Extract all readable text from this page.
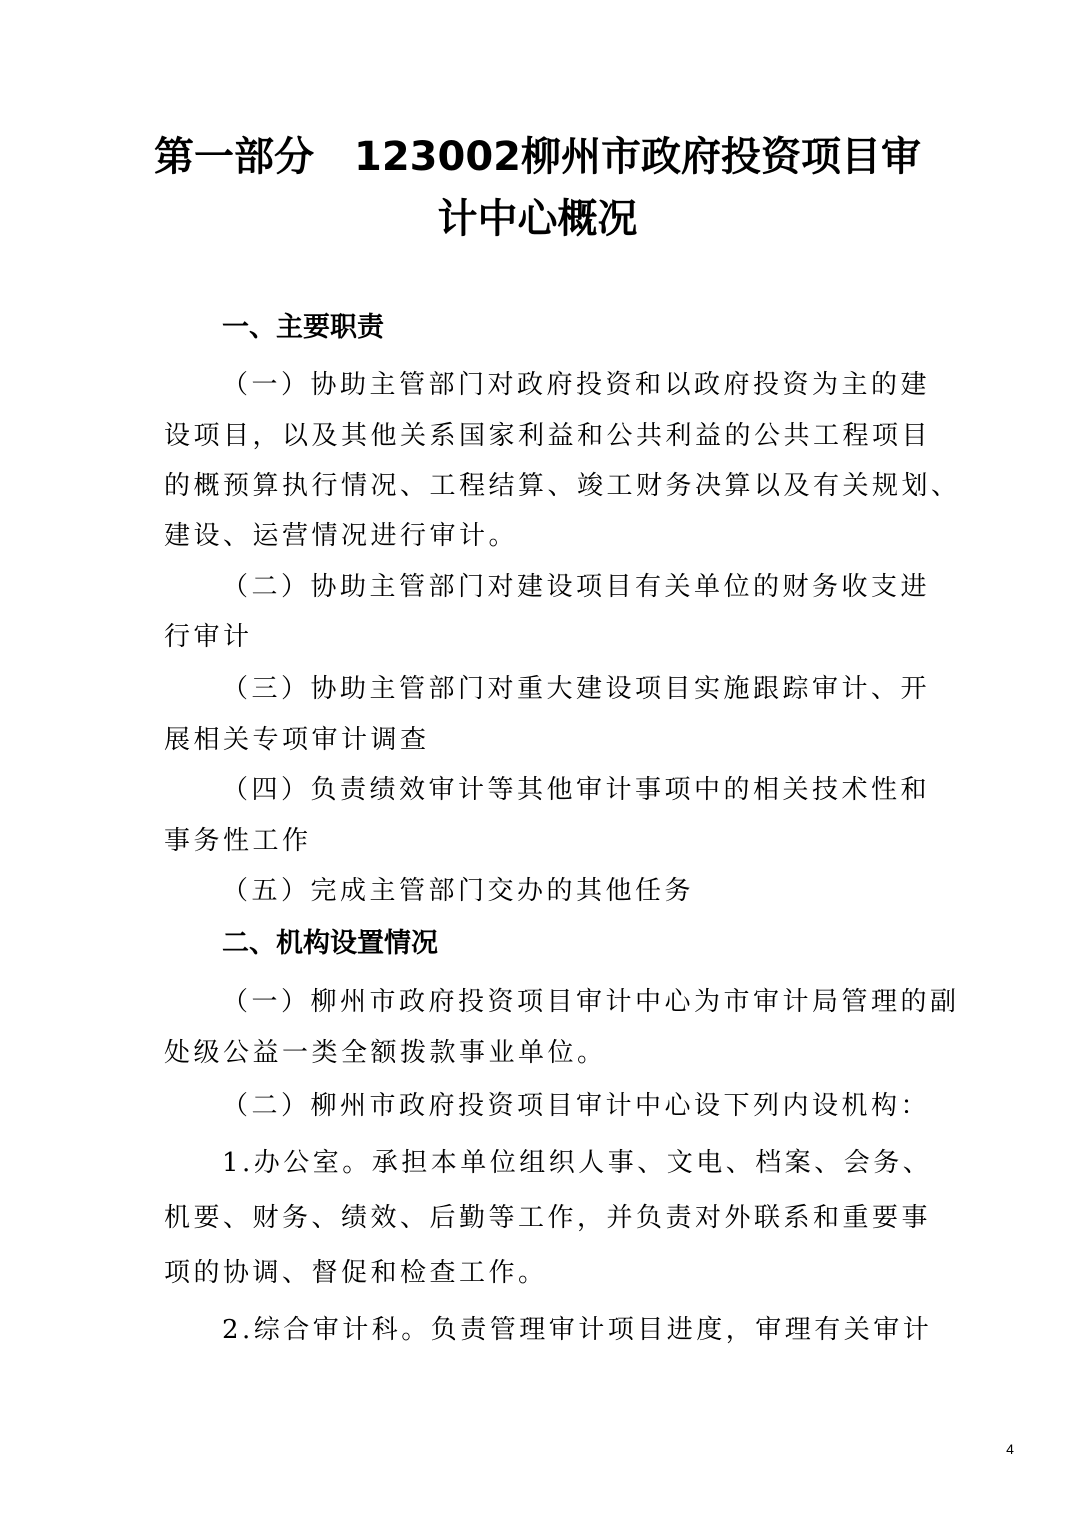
第一部分　123002柳州市政府投资项目审
计中心概况
一、主要职责

（一）协助主管部门对政府投资和以政府投资为主的建

设项目，以及其他关系国家利益和公共利益的公共工程项目

的概预算执行情况、工程结算、竣工财务决算以及有关规划、

建设、运营情况进行审计。

（二）协助主管部门对建设项目有关单位的财务收支进

行审计

（三）协助主管部门对重大建设项目实施跟踪审计、开

展相关专项审计调查

（四）负责绩效审计等其他审计事项中的相关技术性和

事务性工作

（五）完成主管部门交办的其他任务

二、机构设置情况

（一）柳州市政府投资项目审计中心为市审计局管理的副

处级公益一类全额拨款事业单位。

（二）柳州市政府投资项目审计中心设下列内设机构：

1.办公室。承担本单位组织人事、文电、档案、会务、

机要、财务、绩效、后勤等工作，并负责对外联系和重要事

项的协调、督促和检查工作。

2.综合审计科。负责管理审计项目进度，审理有关审计

4
